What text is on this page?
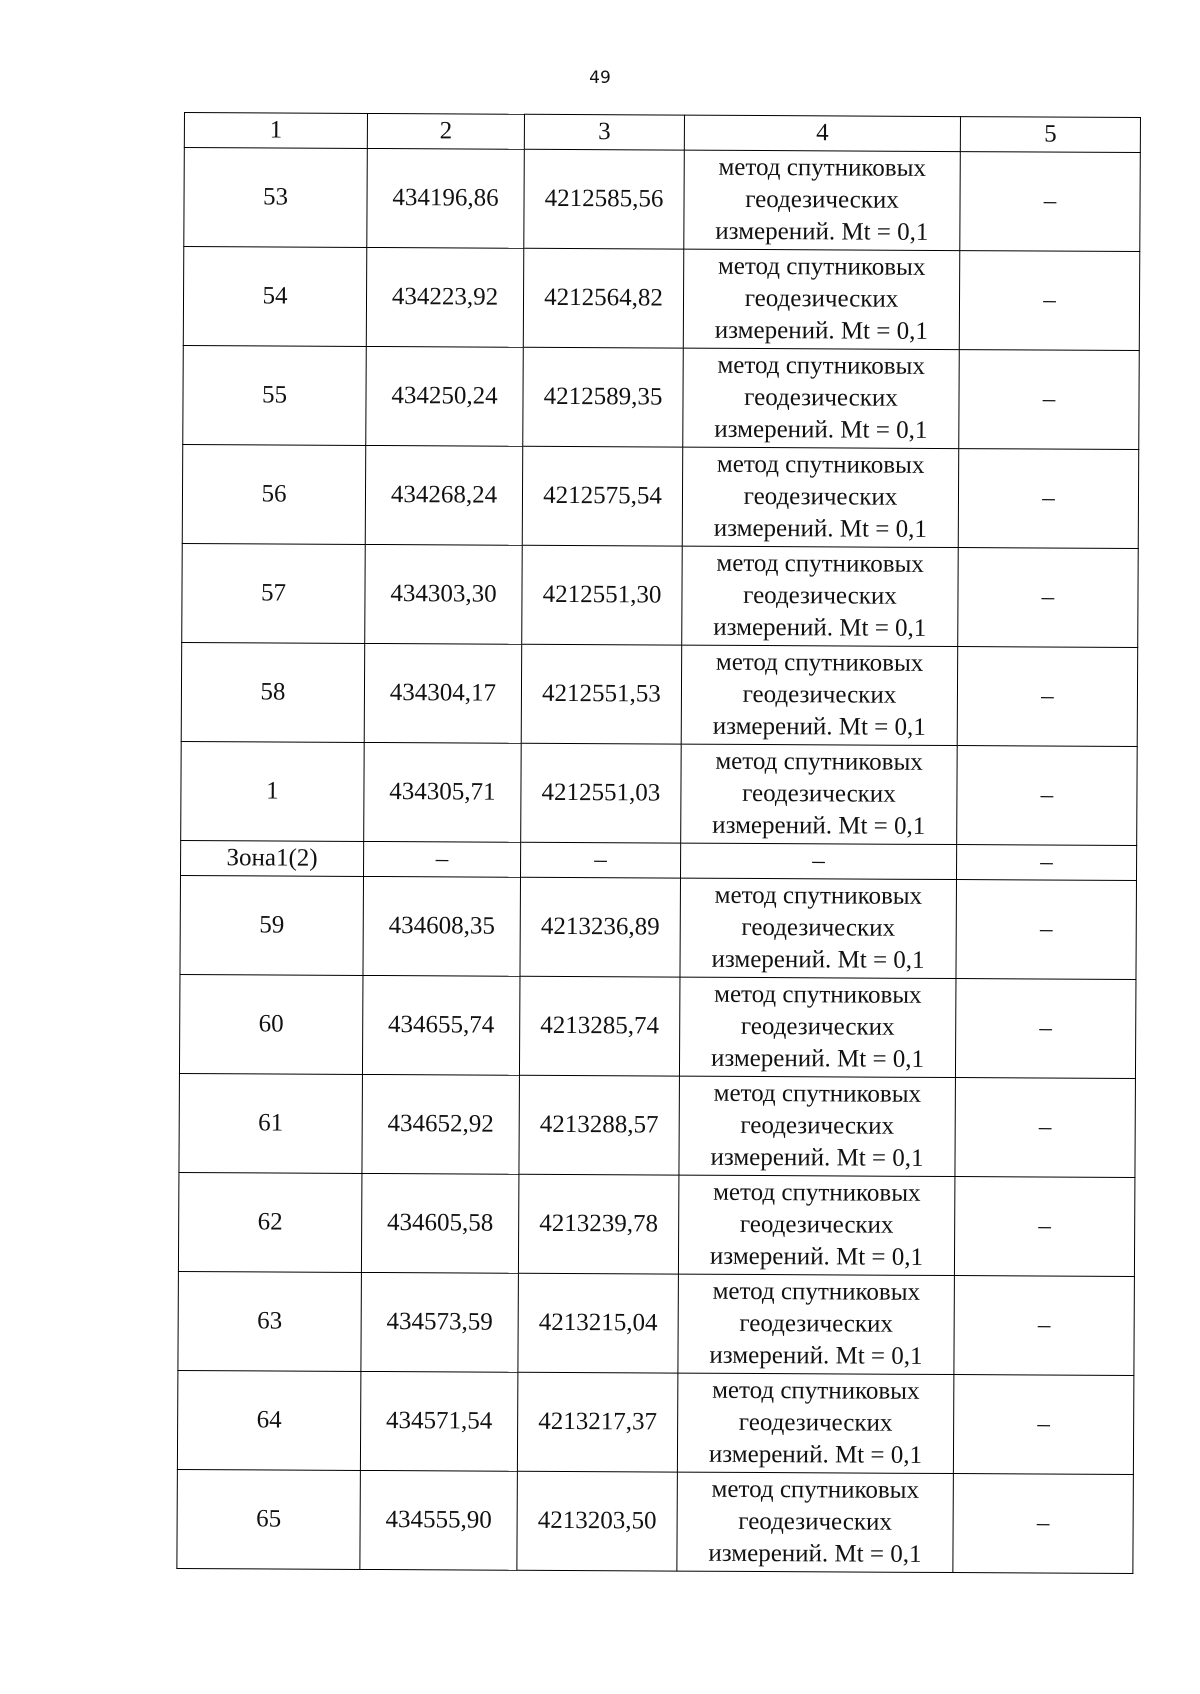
49
1	2	3	4	5
53	434196,86	4212585,56	метод спутниковых
геодезических
измерений. Mt = 0,1	–
54	434223,92	4212564,82	метод спутниковых
геодезических
измерений. Mt = 0,1	–
55	434250,24	4212589,35	метод спутниковых
геодезических
измерений. Mt = 0,1	–
56	434268,24	4212575,54	метод спутниковых
геодезических
измерений. Mt = 0,1	–
57	434303,30	4212551,30	метод спутниковых
геодезических
измерений. Mt = 0,1	–
58	434304,17	4212551,53	метод спутниковых
геодезических
измерений. Mt = 0,1	–
1	434305,71	4212551,03	метод спутниковых
геодезических
измерений. Mt = 0,1	–
Зона1(2)	–	–	–	–
59	434608,35	4213236,89	метод спутниковых
геодезических
измерений. Mt = 0,1	–
60	434655,74	4213285,74	метод спутниковых
геодезических
измерений. Mt = 0,1	–
61	434652,92	4213288,57	метод спутниковых
геодезических
измерений. Mt = 0,1	–
62	434605,58	4213239,78	метод спутниковых
геодезических
измерений. Mt = 0,1	–
63	434573,59	4213215,04	метод спутниковых
геодезических
измерений. Mt = 0,1	–
64	434571,54	4213217,37	метод спутниковых
геодезических
измерений. Mt = 0,1	–
65	434555,90	4213203,50	метод спутниковых
геодезических
измерений. Mt = 0,1	–
